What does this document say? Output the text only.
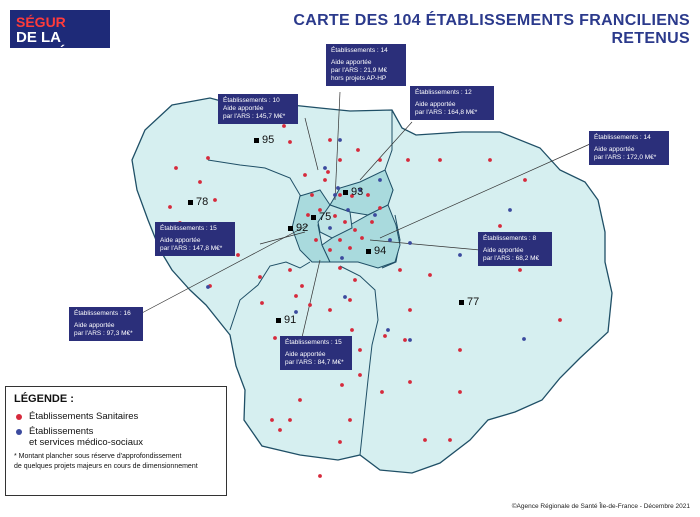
SÉGUR
DE LA SANTÉ
CARTE DES 104 ÉTABLISSEMENTS FRANCILIENS RETENUS
95
93
78
75
92
94
77
91
Établissements : 14
Aide apportée
par l'ARS : 21,9 M€
hors projets AP-HP
Établissements : 10
Aide apportée
par l'ARS : 145,7 M€*
Établissements : 12
Aide apportée
par l'ARS : 164,8 M€*
Établissements : 14
Aide apportée
par l'ARS : 172,0 M€*
Établissements : 15
Aide apportée
par l'ARS : 147,8 M€*
Établissements : 8
Aide apportée
par l'ARS : 68,2 M€
Établissements : 16
Aide apportée
par l'ARS : 97,3 M€*
Établissements : 15
Aide apportée
par l'ARS : 84,7 M€*
LÉGENDE :
Établissements Sanitaires
Établissements
et services médico-sociaux
* Montant plancher sous réserve d'approfondissement
de quelques projets majeurs en cours de dimensionnement
©Agence Régionale de Santé Île-de-France - Décembre 2021
